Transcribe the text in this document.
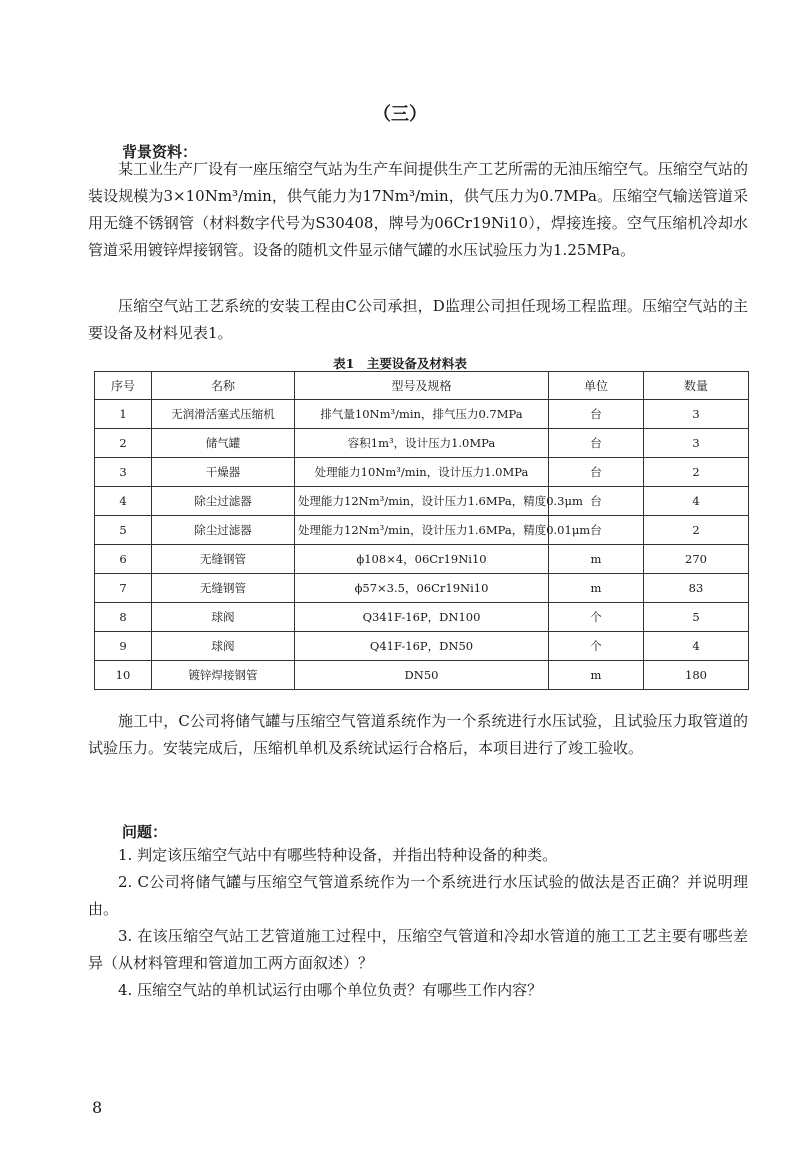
（三）
背景资料：

某工业生产厂设有一座压缩空气站为生产车间提供生产工艺所需的无油压缩空气。压缩空气站的装设规模为3×10Nm³/min，供气能力为17Nm³/min，供气压力为0.7MPa。压缩空气输送管道采用无缝不锈钢管（材料数字代号为S30408，牌号为06Cr19Ni10），焊接连接。空气压缩机冷却水管道采用镀锌焊接钢管。设备的随机文件显示储气罐的水压试验压力为1.25MPa。

压缩空气站工艺系统的安装工程由C公司承担，D监理公司担任现场工程监理。压缩空气站的主要设备及材料见表1。

表1　主要设备及材料表
序号	名称	型号及规格	单位	数量
1	无润滑活塞式压缩机	排气量10Nm³/min，排气压力0.7MPa	台	3
2	储气罐	容积1m³，设计压力1.0MPa	台	3
3	干燥器	处理能力10Nm³/min，设计压力1.0MPa	台	2
4	除尘过滤器	处理能力12Nm³/min，设计压力1.6MPa，精度0.3μm	台	4
5	除尘过滤器	处理能力12Nm³/min，设计压力1.6MPa，精度0.01μm	台	2
6	无缝钢管	ϕ108×4，06Cr19Ni10	m	270
7	无缝钢管	ϕ57×3.5，06Cr19Ni10	m	83
8	球阀	Q341F-16P，DN100	个	5
9	球阀	Q41F-16P，DN50	个	4
10	镀锌焊接钢管	DN50	m	180

施工中，C公司将储气罐与压缩空气管道系统作为一个系统进行水压试验，且试验压力取管道的试验压力。安装完成后，压缩机单机及系统试运行合格后，本项目进行了竣工验收。

问题：
1. 判定该压缩空气站中有哪些特种设备，并指出特种设备的种类。
2. C公司将储气罐与压缩空气管道系统作为一个系统进行水压试验的做法是否正确？并说明理由。
3. 在该压缩空气站工艺管道施工过程中，压缩空气管道和冷却水管道的施工工艺主要有哪些差异（从材料管理和管道加工两方面叙述）？
4. 压缩空气站的单机试运行由哪个单位负责？有哪些工作内容？
8
